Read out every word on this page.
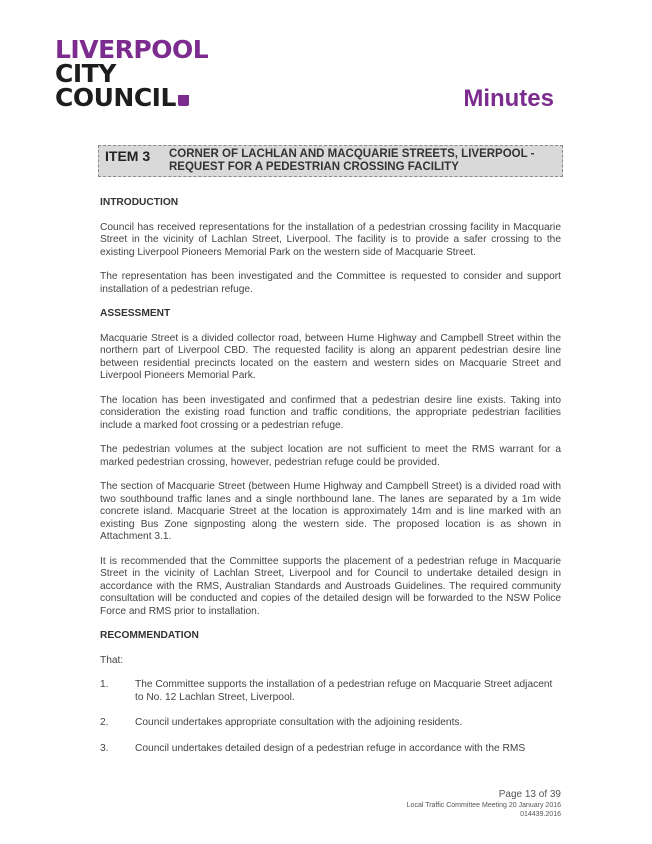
LIVERPOOL
CITY
COUNCIL	Minutes
ITEM 3 CORNER OF LACHLAN AND MACQUARIE STREETS, LIVERPOOL - REQUEST FOR A PEDESTRIAN CROSSING FACILITY
INTRODUCTION

Council has received representations for the installation of a pedestrian crossing facility in Macquarie Street in the vicinity of Lachlan Street, Liverpool. The facility is to provide a safer crossing to the existing Liverpool Pioneers Memorial Park on the western side of Macquarie Street.

The representation has been investigated and the Committee is requested to consider and support installation of a pedestrian refuge.

ASSESSMENT

Macquarie Street is a divided collector road, between Hume Highway and Campbell Street within the northern part of Liverpool CBD. The requested facility is along an apparent pedestrian desire line between residential precincts located on the eastern and western sides on Macquarie Street and Liverpool Pioneers Memorial Park.

The location has been investigated and confirmed that a pedestrian desire line exists. Taking into consideration the existing road function and traffic conditions, the appropriate pedestrian facilities include a marked foot crossing or a pedestrian refuge.

The pedestrian volumes at the subject location are not sufficient to meet the RMS warrant for a marked pedestrian crossing, however, pedestrian refuge could be provided.

The section of Macquarie Street (between Hume Highway and Campbell Street) is a divided road with two southbound traffic lanes and a single northbound lane. The lanes are separated by a 1m wide concrete island. Macquarie Street at the location is approximately 14m and is line marked with an existing Bus Zone signposting along the western side. The proposed location is as shown in Attachment 3.1.

It is recommended that the Committee supports the placement of a pedestrian refuge in Macquarie Street in the vicinity of Lachlan Street, Liverpool and for Council to undertake detailed design in accordance with the RMS, Australian Standards and Austroads Guidelines. The required community consultation will be conducted and copies of the detailed design will be forwarded to the NSW Police Force and RMS prior to installation.

RECOMMENDATION

That:

1.	The Committee supports the installation of a pedestrian refuge on Macquarie Street adjacent to No. 12 Lachlan Street, Liverpool.
2.	Council undertakes appropriate consultation with the adjoining residents.
3.	Council undertakes detailed design of a pedestrian refuge in accordance with the RMS
Page 13 of 39
Local Traffic Committee Meeting 20 January 2016
014439.2016
